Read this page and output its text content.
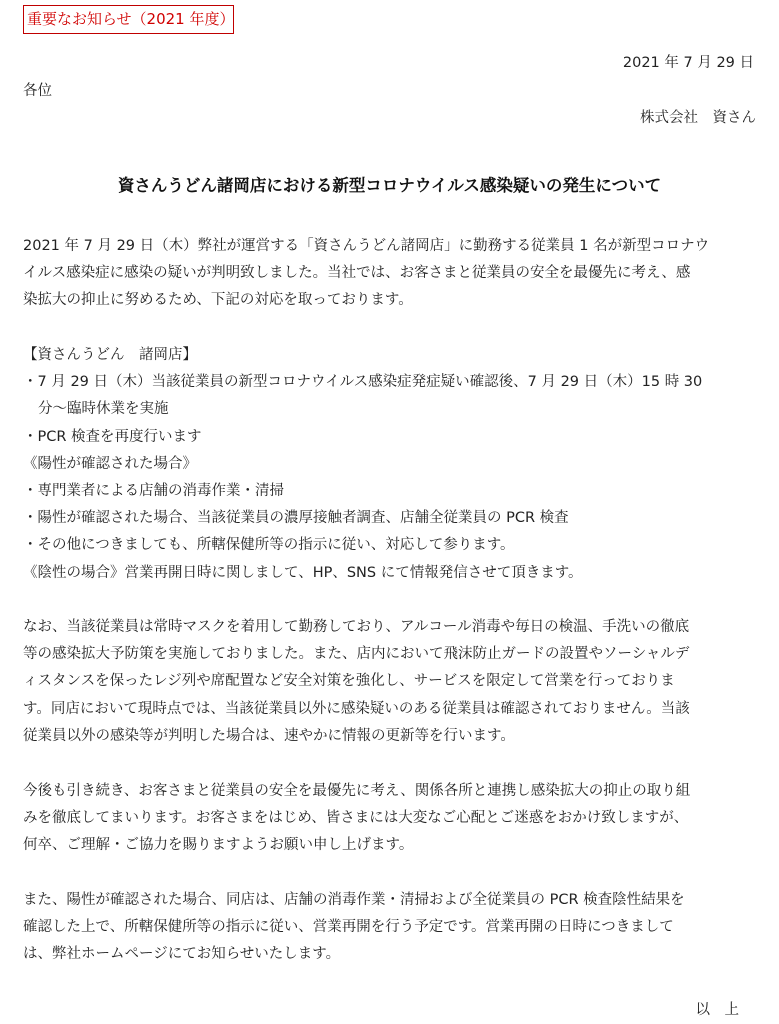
重要なお知らせ（2021 年度）
2021 年 7 月 29 日
各位
株式会社　資さん
資さんうどん諸岡店における新型コロナウイルス感染疑いの発生について
2021 年 7 月 29 日（木）弊社が運営する「資さんうどん諸岡店」に勤務する従業員 1 名が新型コロナウ
イルス感染症に感染の疑いが判明致しました。当社では、お客さまと従業員の安全を最優先に考え、感
染拡大の抑止に努めるため、下記の対応を取っております。
【資さんうどん　諸岡店】
・7 月 29 日（木）当該従業員の新型コロナウイルス感染症発症疑い確認後、7 月 29 日（木）15 時 30
分～臨時休業を実施
・PCR 検査を再度行います
《陽性が確認された場合》
・専門業者による店舗の消毒作業・清掃
・陽性が確認された場合、当該従業員の濃厚接触者調査、店舗全従業員の PCR 検査
・その他につきましても、所轄保健所等の指示に従い、対応して参ります。
《陰性の場合》営業再開日時に関しまして、HP、SNS にて情報発信させて頂きます。
なお、当該従業員は常時マスクを着用して勤務しており、アルコール消毒や毎日の検温、手洗いの徹底
等の感染拡大予防策を実施しておりました。また、店内において飛沫防止ガードの設置やソーシャルデ
ィスタンスを保ったレジ列や席配置など安全対策を強化し、サービスを限定して営業を行っておりま
す。同店において現時点では、当該従業員以外に感染疑いのある従業員は確認されておりません。当該
従業員以外の感染等が判明した場合は、速やかに情報の更新等を行います。
今後も引き続き、お客さまと従業員の安全を最優先に考え、関係各所と連携し感染拡大の抑止の取り組
みを徹底してまいります。お客さまをはじめ、皆さまには大変なご心配とご迷惑をおかけ致しますが、
何卒、ご理解・ご協力を賜りますようお願い申し上げます。
また、陽性が確認された場合、同店は、店舗の消毒作業・清掃および全従業員の PCR 検査陰性結果を
確認した上で、所轄保健所等の指示に従い、営業再開を行う予定です。営業再開の日時につきまして
は、弊社ホームページにてお知らせいたします。
以　上
